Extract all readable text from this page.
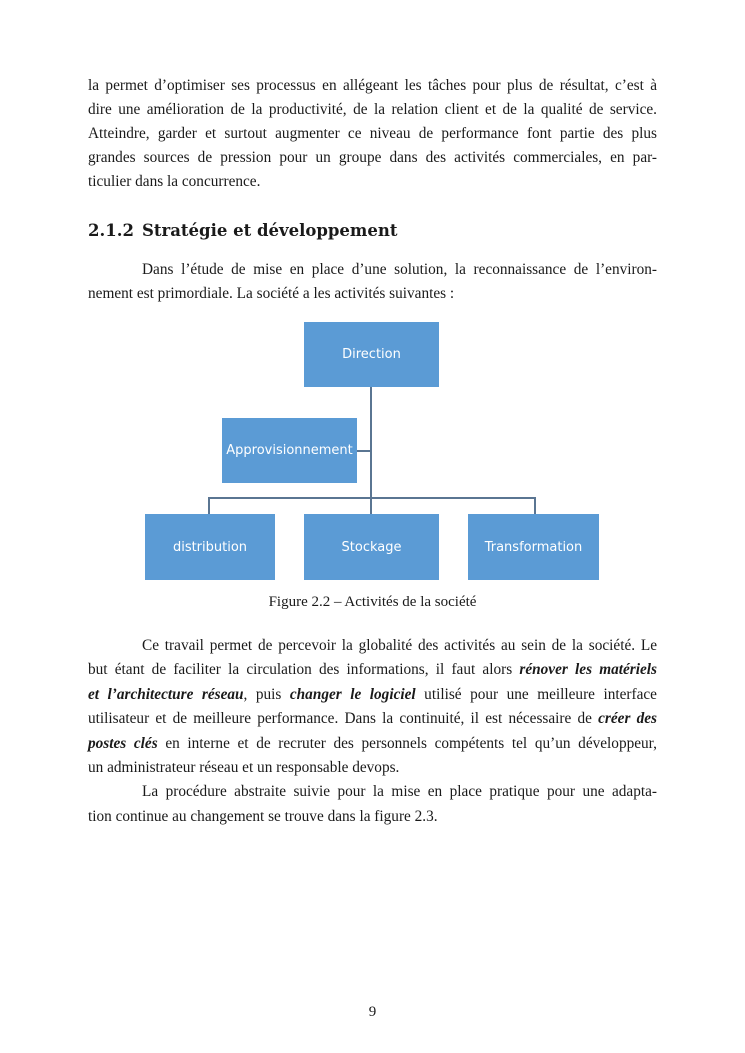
la permet d’optimiser ses processus en allégeant les tâches pour plus de résultat, c’est à
dire une amélioration de la productivité, de la relation client et de la qualité de service.
Atteindre, garder et surtout augmenter ce niveau de performance font partie des plus
grandes sources de pression pour un groupe dans des activités commerciales, en par-
ticulier dans la concurrence.
2.1.2 Stratégie et développement
Dans l’étude de mise en place d’une solution, la reconnaissance de l’environ-
nement est primordiale. La société a les activités suivantes :
Direction
Approvisionnement
distribution	Stockage	Transformation
Figure 2.2 – Activités de la société
Ce travail permet de percevoir la globalité des activités au sein de la société. Le
but étant de faciliter la circulation des informations, il faut alors rénover les matériels
et l’architecture réseau, puis changer le logiciel utilisé pour une meilleure interface
utilisateur et de meilleure performance. Dans la continuité, il est nécessaire de créer des
postes clés en interne et de recruter des personnels compétents tel qu’un développeur,
un administrateur réseau et un responsable devops.
La procédure abstraite suivie pour la mise en place pratique pour une adapta-
tion continue au changement se trouve dans la figure 2.3.
9
